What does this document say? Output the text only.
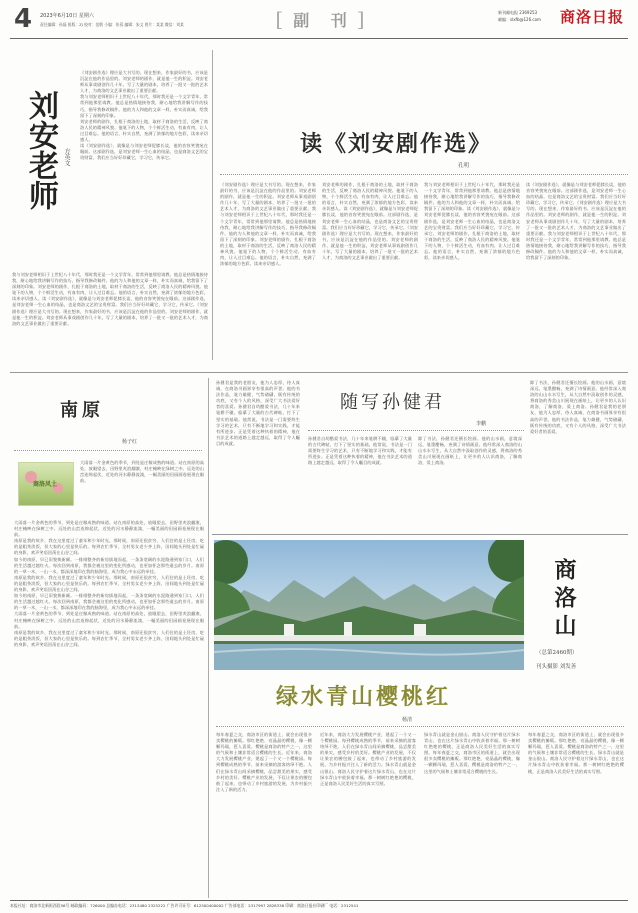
4 2023年6月10日 星期六
责任编辑：孙磊 排版：ZJ 校对：范敬 小编：张蓉 编辑：朱文 图片：某某 微信：刘某	[ 副 刊 ]	新刊邮电报 2369253
邮编：slxfb@126.com 商洛日报
刘安老师 方英文
《刘安剧作选》理应是大书写的。现在想来，作家最好的书，应该是沉淀在他的作品里的。刘安老师的剧作，就是他一生的积淀。刘安老师从事戏剧创作几十年，写了大量的剧本，培养了一批又一批的艺术人才，为商洛的文艺事业做出了重要贡献。
我与刘安老师相识于上世纪八十年代，那时我还是一个文学青年，常常到他那里请教。他总是热情地接待我，耐心地给我讲解写作的技巧，指导我修改稿件。他的为人和他的文章一样，朴实而真诚，给我留下了深刻的印象。
刘安老师的剧作，扎根于商洛的土地，取材于商洛的生活，反映了商洛人民的精神风貌。他笔下的人物，个个鲜活生动，有血有肉，让人过目难忘。他的语言，朴实自然，充满了浓郁的地方色彩，读来亲切感人。
读《刘安剧作选》，就像是与刘安老师促膝长谈，他的音容笑貌宛在眼前。这部剧作选，是刘安老师一生心血的结晶，也是商洛文艺的宝贵财富。我们应当好好珍藏它，学习它，传承它。
我与刘安老师相识于上世纪八十年代，那时我还是一个文学青年，常常到他那里请教。他总是热情地接待我，耐心地给我讲解写作的技巧，指导我修改稿件。他的为人和他的文章一样，朴实而真诚，给我留下了深刻的印象。刘安老师的剧作，扎根于商洛的土地，取材于商洛的生活，反映了商洛人民的精神风貌。他笔下的人物，个个鲜活生动，有血有肉，让人过目难忘。他的语言，朴实自然，充满了浓郁的地方色彩，读来亲切感人。读《刘安剧作选》，就像是与刘安老师促膝长谈，他的音容笑貌宛在眼前。这部剧作选，是刘安老师一生心血的结晶，也是商洛文艺的宝贵财富。我们应当好好珍藏它，学习它，传承它。《刘安剧作选》理应是大书写的。现在想来，作家最好的书，应该是沉淀在他的作品里的。刘安老师的剧作，就是他一生的积淀。刘安老师从事戏剧创作几十年，写了大量的剧本，培养了一批又一批的艺术人才，为商洛的文艺事业做出了重要贡献。
读《刘安剧作选》
孔明
《刘安剧作选》理应是大书写的。现在想来，作家最好的书，应该是沉淀在他的作品里的。刘安老师的剧作，就是他一生的积淀。刘安老师从事戏剧创作几十年，写了大量的剧本，培养了一批又一批的艺术人才，为商洛的文艺事业做出了重要贡献。我与刘安老师相识于上世纪八十年代，那时我还是一个文学青年，常常到他那里请教。他总是热情地接待我，耐心地给我讲解写作的技巧，指导我修改稿件。他的为人和他的文章一样，朴实而真诚，给我留下了深刻的印象。刘安老师的剧作，扎根于商洛的土地，取材于商洛的生活，反映了商洛人民的精神风貌。他笔下的人物，个个鲜活生动，有血有肉，让人过目难忘。他的语言，朴实自然，充满了浓郁的地方色彩，读来亲切感人。
刘安老师的剧作，扎根于商洛的土地，取材于商洛的生活，反映了商洛人民的精神风貌。他笔下的人物，个个鲜活生动，有血有肉，让人过目难忘。他的语言，朴实自然，充满了浓郁的地方色彩，读来亲切感人。读《刘安剧作选》，就像是与刘安老师促膝长谈，他的音容笑貌宛在眼前。这部剧作选，是刘安老师一生心血的结晶，也是商洛文艺的宝贵财富。我们应当好好珍藏它，学习它，传承它。《刘安剧作选》理应是大书写的。现在想来，作家最好的书，应该是沉淀在他的作品里的。刘安老师的剧作，就是他一生的积淀。刘安老师从事戏剧创作几十年，写了大量的剧本，培养了一批又一批的艺术人才，为商洛的文艺事业做出了重要贡献。
我与刘安老师相识于上世纪八十年代，那时我还是一个文学青年，常常到他那里请教。他总是热情地接待我，耐心地给我讲解写作的技巧，指导我修改稿件。他的为人和他的文章一样，朴实而真诚，给我留下了深刻的印象。读《刘安剧作选》，就像是与刘安老师促膝长谈，他的音容笑貌宛在眼前。这部剧作选，是刘安老师一生心血的结晶，也是商洛文艺的宝贵财富。我们应当好好珍藏它，学习它，传承它。刘安老师的剧作，扎根于商洛的土地，取材于商洛的生活，反映了商洛人民的精神风貌。他笔下的人物，个个鲜活生动，有血有肉，让人过目难忘。他的语言，朴实自然，充满了浓郁的地方色彩，读来亲切感人。
读《刘安剧作选》，就像是与刘安老师促膝长谈，他的音容笑貌宛在眼前。这部剧作选，是刘安老师一生心血的结晶，也是商洛文艺的宝贵财富。我们应当好好珍藏它，学习它，传承它。《刘安剧作选》理应是大书写的。现在想来，作家最好的书，应该是沉淀在他的作品里的。刘安老师的剧作，就是他一生的积淀。刘安老师从事戏剧创作几十年，写了大量的剧本，培养了一批又一批的艺术人才，为商洛的文艺事业做出了重要贡献。我与刘安老师相识于上世纪八十年代，那时我还是一个文学青年，常常到他那里请教。他总是热情地接待我，耐心地给我讲解写作的技巧，指导我修改稿件。他的为人和他的文章一样，朴实而真诚，给我留下了深刻的印象。
南原
杨子红
商洛风土
大雨落一片金黄色的季节，到处是庄稼成熟的味道。站在南原的高处，放眼望去，田野里麦浪翻滚，村庄掩映在绿树之中。远处的山峦连绵起伏，近处的河水静静流淌，一幅美丽的田园画卷展现在眼前。
大雨落一片金黄色的季节，到处是庄稼成熟的味道。站在南原的高处，放眼望去，田野里麦浪翻滚，村庄掩映在绿树之中。远处的山峦连绵起伏，近处的河水静静流淌，一幅美丽的田园画卷展现在眼前。
南原是我的故乡，我在这里度过了童年和少年时光。那时候，南原还很贫穷，人们住的是土坯房，吃的是粗茶淡饭，但大家的心里是快乐的。每到农忙季节，全村男女老少齐上阵，田间地头到处是忙碌的身影，欢声笑语回荡在山谷之间。
如今的南原，早已旧貌换新颜。一排排整齐的新房拔地而起，一条条宽阔的水泥路通到家门口，人们的生活越过越红火。每次回到南原，我都会被这里的变化所感动，也更加怀念那些逝去的岁月。南原的一草一木，一山一水，都深深地印在我的脑海里，成为我心中永远的牵挂。
南原是我的故乡，我在这里度过了童年和少年时光。那时候，南原还很贫穷，人们住的是土坯房，吃的是粗茶淡饭，但大家的心里是快乐的。每到农忙季节，全村男女老少齐上阵，田间地头到处是忙碌的身影，欢声笑语回荡在山谷之间。
如今的南原，早已旧貌换新颜。一排排整齐的新房拔地而起，一条条宽阔的水泥路通到家门口，人们的生活越过越红火。每次回到南原，我都会被这里的变化所感动，也更加怀念那些逝去的岁月。南原的一草一木，一山一水，都深深地印在我的脑海里，成为我心中永远的牵挂。
大雨落一片金黄色的季节，到处是庄稼成熟的味道。站在南原的高处，放眼望去，田野里麦浪翻滚，村庄掩映在绿树之中。远处的山峦连绵起伏，近处的河水静静流淌，一幅美丽的田园画卷展现在眼前。
南原是我的故乡，我在这里度过了童年和少年时光。那时候，南原还很贫穷，人们住的是土坯房，吃的是粗茶淡饭，但大家的心里是快乐的。每到农忙季节，全村男女老少齐上阵，田间地头到处是忙碌的身影，欢声笑语回荡在山谷之间。
孙健君是我的老朋友，他为人忠厚，待人真诚，在商洛书画界享有很高的声誉。他的书法作品，笔力雄健，气势磅礴，既有传统的功底，又有个人的风格，深受广大书法爱好者的喜爱。孙健君自幼酷爱书法，几十年来笔耕不辍，临摹了大量的古代碑帖，打下了坚实的基础。他常说，书法是一门需要终生学习的艺术，只有不断地学习和实践，才能有所进步。正是凭着这种执着的精神，他在书法艺术的道路上越走越远，取得了令人瞩目的成就。
随写孙健君
李鹏
孙健君自幼酷爱书法，几十年来笔耕不辍，临摹了大量的古代碑帖，打下了坚实的基础。他常说，书法是一门需要终生学习的艺术，只有不断地学习和实践，才能有所进步。正是凭着这种执着的精神，他在书法艺术的道路上越走越远，取得了令人瞩目的成就。
除了书法，孙健君还擅长绘画。他的山水画，意境深远，笔墨酣畅，充满了诗情画意。他经常深入商洛的山山水水写生，从大自然中汲取创作的灵感，将商洛的秀美山川展现在画纸上，让更多的人认识商洛，了解商洛，爱上商洛。
除了书法，孙健君还擅长绘画。他的山水画，意境深远，笔墨酣畅，充满了诗情画意。他经常深入商洛的山山水水写生，从大自然中汲取创作的灵感，将商洛的秀美山川展现在画纸上，让更多的人认识商洛，了解商洛，爱上商洛。孙健君是我的老朋友，他为人忠厚，待人真诚，在商洛书画界享有很高的声誉。他的书法作品，笔力雄健，气势磅礴，既有传统的功底，又有个人的风格，深受广大书法爱好者的喜爱。
商洛山
（总第2460期）
刊头摄影 刘发善
绿水青山樱桃红
杨清
每年春夏之交，商洛市区的街道上，就会出现很多卖樱桃的摊贩。那红艳艳、亮晶晶的樱桃，像一颗颗玛瑙，惹人喜爱。樱桃是商洛的特产之一，这里的气候和土壤非常适合樱桃的生长。近年来，商洛大力发展樱桃产业，建起了一个又一个樱桃园。每到樱桃成熟的季节，前来采摘的游客络绎不绝。人们在绿水青山间采摘樱桃，品尝甜美的果实，感受乡村的美好。樱桃产业的发展，不仅让果农的腰包鼓了起来，也带动了乡村旅游的发展，为乡村振兴注入了新的活力。
近年来，商洛大力发展樱桃产业，建起了一个又一个樱桃园。每到樱桃成熟的季节，前来采摘的游客络绎不绝。人们在绿水青山间采摘樱桃，品尝甜美的果实，感受乡村的美好。樱桃产业的发展，不仅让果农的腰包鼓了起来，也带动了乡村旅游的发展，为乡村振兴注入了新的活力。绿水青山就是金山银山。商洛人民守护着这片绿水青山，也在这片绿水青山中收获着幸福。那一树树红艳艳的樱桃，正是商洛人民美好生活的真实写照。
绿水青山就是金山银山。商洛人民守护着这片绿水青山，也在这片绿水青山中收获着幸福。那一树树红艳艳的樱桃，正是商洛人民美好生活的真实写照。每年春夏之交，商洛市区的街道上，就会出现很多卖樱桃的摊贩。那红艳艳、亮晶晶的樱桃，像一颗颗玛瑙，惹人喜爱。樱桃是商洛的特产之一，这里的气候和土壤非常适合樱桃的生长。
每年春夏之交，商洛市区的街道上，就会出现很多卖樱桃的摊贩。那红艳艳、亮晶晶的樱桃，像一颗颗玛瑙，惹人喜爱。樱桃是商洛的特产之一，这里的气候和土壤非常适合樱桃的生长。绿水青山就是金山银山。商洛人民守护着这片绿水青山，也在这片绿水青山中收获着幸福。那一树树红艳艳的樱桃，正是商洛人民美好生活的真实写照。
本报社址：商洛市北新街西段56号 邮政编码：726000 总编办电话：2313480 2325222 广告许可证号：612500400002 广告部电话：2317997 2828336 印刷：商洛日报社印刷厂 电话：2312541
